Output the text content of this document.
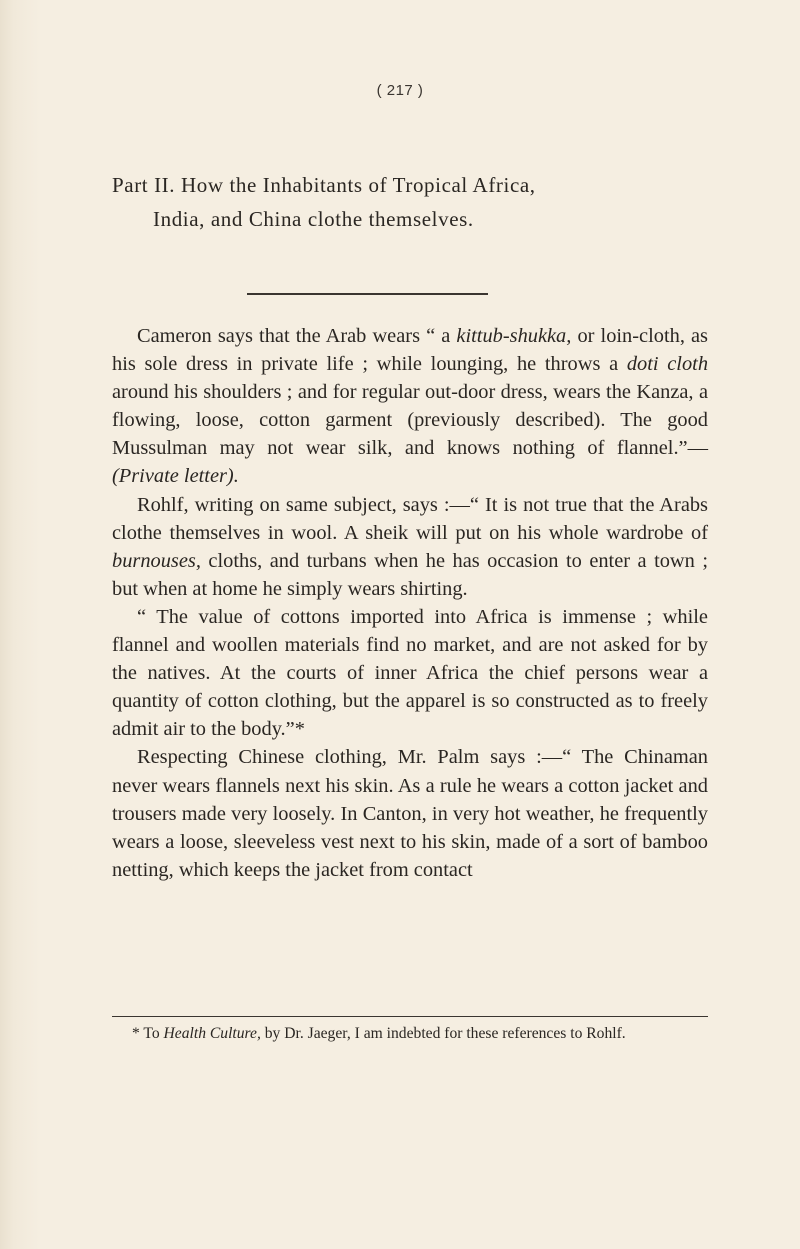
( 217 )
Part II. How the Inhabitants of Tropical Africa,
India, and China clothe themselves.

Cameron says that the Arab wears “ a kittub-shukka, or loin-cloth, as his sole dress in private life ; while lounging, he throws a doti cloth around his shoulders ; and for regular out-door dress, wears the Kanza, a flowing, loose, cotton garment (previously described). The good Mussulman may not wear silk, and knows nothing of flannel.”—(Private letter).

Rohlf, writing on same subject, says :—“ It is not true that the Arabs clothe themselves in wool. A sheik will put on his whole wardrobe of burnouses, cloths, and turbans when he has occasion to enter a town ; but when at home he simply wears shirting.

“ The value of cottons imported into Africa is immense ; while flannel and woollen materials find no market, and are not asked for by the natives. At the courts of inner Africa the chief persons wear a quantity of cotton clothing, but the apparel is so constructed as to freely admit air to the body.”*

Respecting Chinese clothing, Mr. Palm says :—“ The Chinaman never wears flannels next his skin. As a rule he wears a cotton jacket and trousers made very loosely. In Canton, in very hot weather, he frequently wears a loose, sleeveless vest next to his skin, made of a sort of bamboo netting, which keeps the jacket from contact

* To Health Culture, by Dr. Jaeger, I am indebted for these references to Rohlf.
